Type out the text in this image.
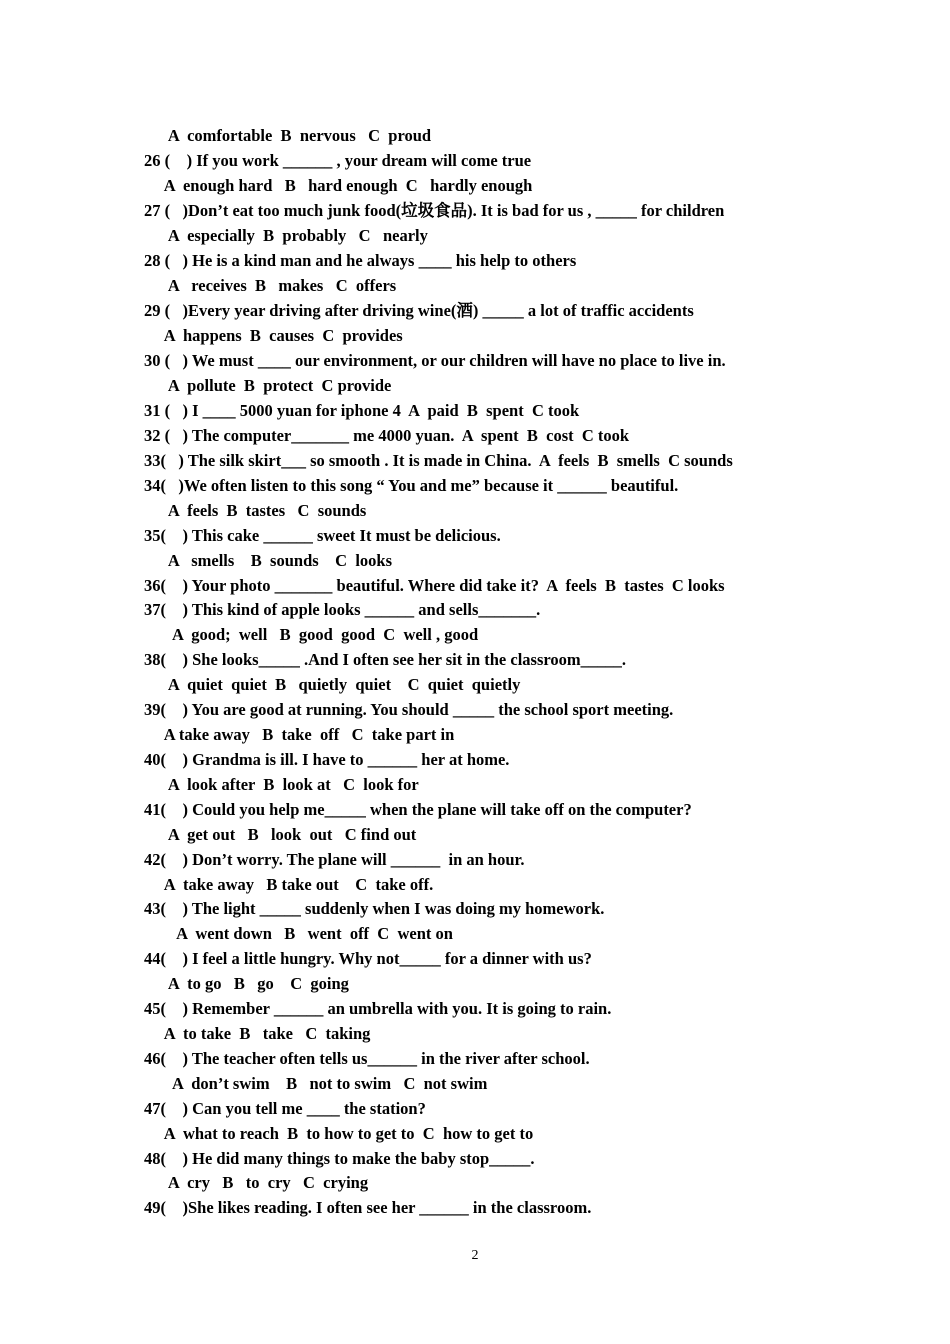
A  comfortable  B  nervous   C  proud
26 (    ) If you work ______ , your dream will come true
A  enough hard   B   hard enough  C   hardly enough
27 (   )Don’t eat too much junk food(垃圾食品). It is bad for us , _____ for children
A  especially  B  probably   C   nearly
28 (   ) He is a kind man and he always ____ his help to others
A   receives  B   makes   C  offers
29 (   )Every year driving after driving wine(酒) _____ a lot of traffic accidents
A  happens  B  causes  C  provides
30 (   ) We must ____ our environment, or our children will have no place to live in.
A  pollute  B  protect  C provide
31 (   ) I ____ 5000 yuan for iphone 4  A  paid  B  spent  C took
32 (   ) The computer_______ me 4000 yuan.  A  spent  B  cost  C took
33(   ) The silk skirt___ so smooth . It is made in China.  A  feels  B  smells  C sounds
34(   )We often listen to this song “ You and me” because it ______ beautiful.
A  feels  B  tastes   C  sounds
35(    ) This cake ______ sweet It must be delicious.
A   smells    B  sounds    C  looks
36(    ) Your photo _______ beautiful. Where did take it?  A  feels  B  tastes  C looks
37(    ) This kind of apple looks ______ and sells_______.
A  good;  well   B  good  good  C  well , good
38(    ) She looks_____ .And I often see her sit in the classroom_____.
A  quiet  quiet  B   quietly  quiet    C  quiet  quietly
39(    ) You are good at running. You should _____ the school sport meeting.
A take away   B  take  off   C  take part in
40(    ) Grandma is ill. I have to ______ her at home.
A  look after  B  look at   C  look for
41(    ) Could you help me_____ when the plane will take off on the computer?
A  get out   B   look  out   C find out
42(    ) Don’t worry. The plane will ______  in an hour.
A  take away   B take out    C  take off.
43(    ) The light _____ suddenly when I was doing my homework.
A  went down   B   went  off  C  went on
44(    ) I feel a little hungry. Why not_____ for a dinner with us?
A  to go   B   go    C  going
45(    ) Remember ______ an umbrella with you. It is going to rain.
A  to take  B   take   C  taking
46(    ) The teacher often tells us______ in the river after school.
A  don’t swim    B   not to swim   C  not swim
47(    ) Can you tell me ____ the station?
A  what to reach  B  to how to get to  C  how to get to
48(    ) He did many things to make the baby stop_____.
A  cry   B   to  cry   C  crying
49(    )She likes reading. I often see her ______ in the classroom.
2
